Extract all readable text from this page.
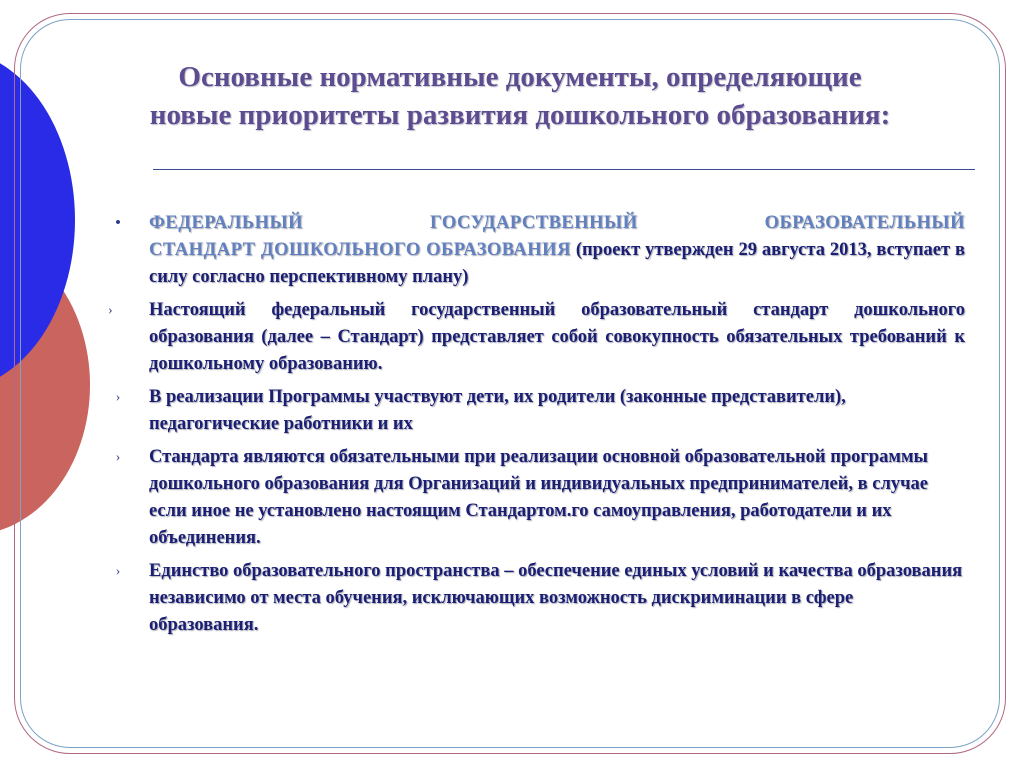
Основные нормативные документы, определяющие
новые приоритеты развития дошкольного образования:
•	ФЕДЕРАЛЬНЫЙ	ГОСУДАРСТВЕННЫЙ	ОБРАЗОВАТЕЛЬНЫЙ
СТАНДАРТ ДОШКОЛЬНОГО ОБРАЗОВАНИЯ (проект утвержден 29 августа 2013, вступает в силу согласно перспективному плану)
›	Настоящий федеральный государственный образовательный стандарт дошкольного образования (далее – Стандарт) представляет собой совокупность обязательных требований к дошкольному образованию.
›	В реализации Программы участвуют дети, их родители (законные представители), педагогические работники и их
›	Стандарта являются обязательными при реализации основной образовательной программы дошкольного образования для Организаций и индивидуальных предпринимателей, в случае если иное не установлено настоящим Стандартом.го самоуправления, работодатели и их объединения.
›	Единство образовательного пространства – обеспечение единых условий и качества образования независимо от места обучения, исключающих возможность дискриминации в сфере образования.
